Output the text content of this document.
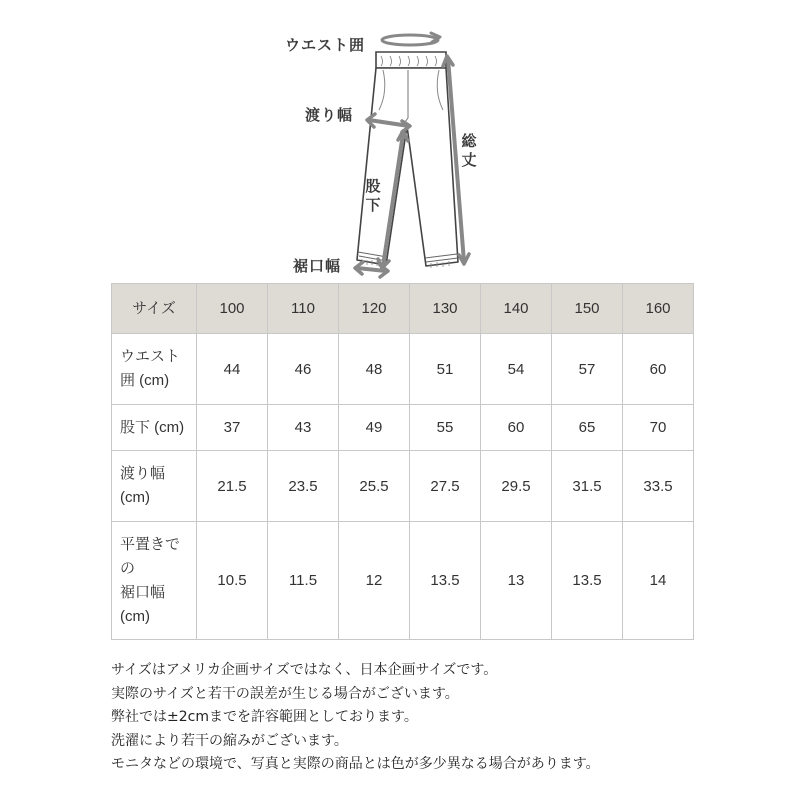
ウエスト囲
渡り幅
裾口幅
股
下
総
丈
サイズ	100	110	120	130	140	150	160
ウエスト
囲 (cm)	44	46	48	51	54	57	60
股下 (cm)	37	43	49	55	60	65	70
渡り幅
(cm)	21.5	23.5	25.5	27.5	29.5	31.5	33.5
平置きで
の
裾口幅
(cm)	10.5	11.5	12	13.5	13	13.5	14
サイズはアメリカ企画サイズではなく、日本企画サイズです。
実際のサイズと若干の誤差が生じる場合がございます。
弊社では±2cmまでを許容範囲としております。
洗濯により若干の縮みがございます。
モニタなどの環境で、写真と実際の商品とは色が多少異なる場合があります。
